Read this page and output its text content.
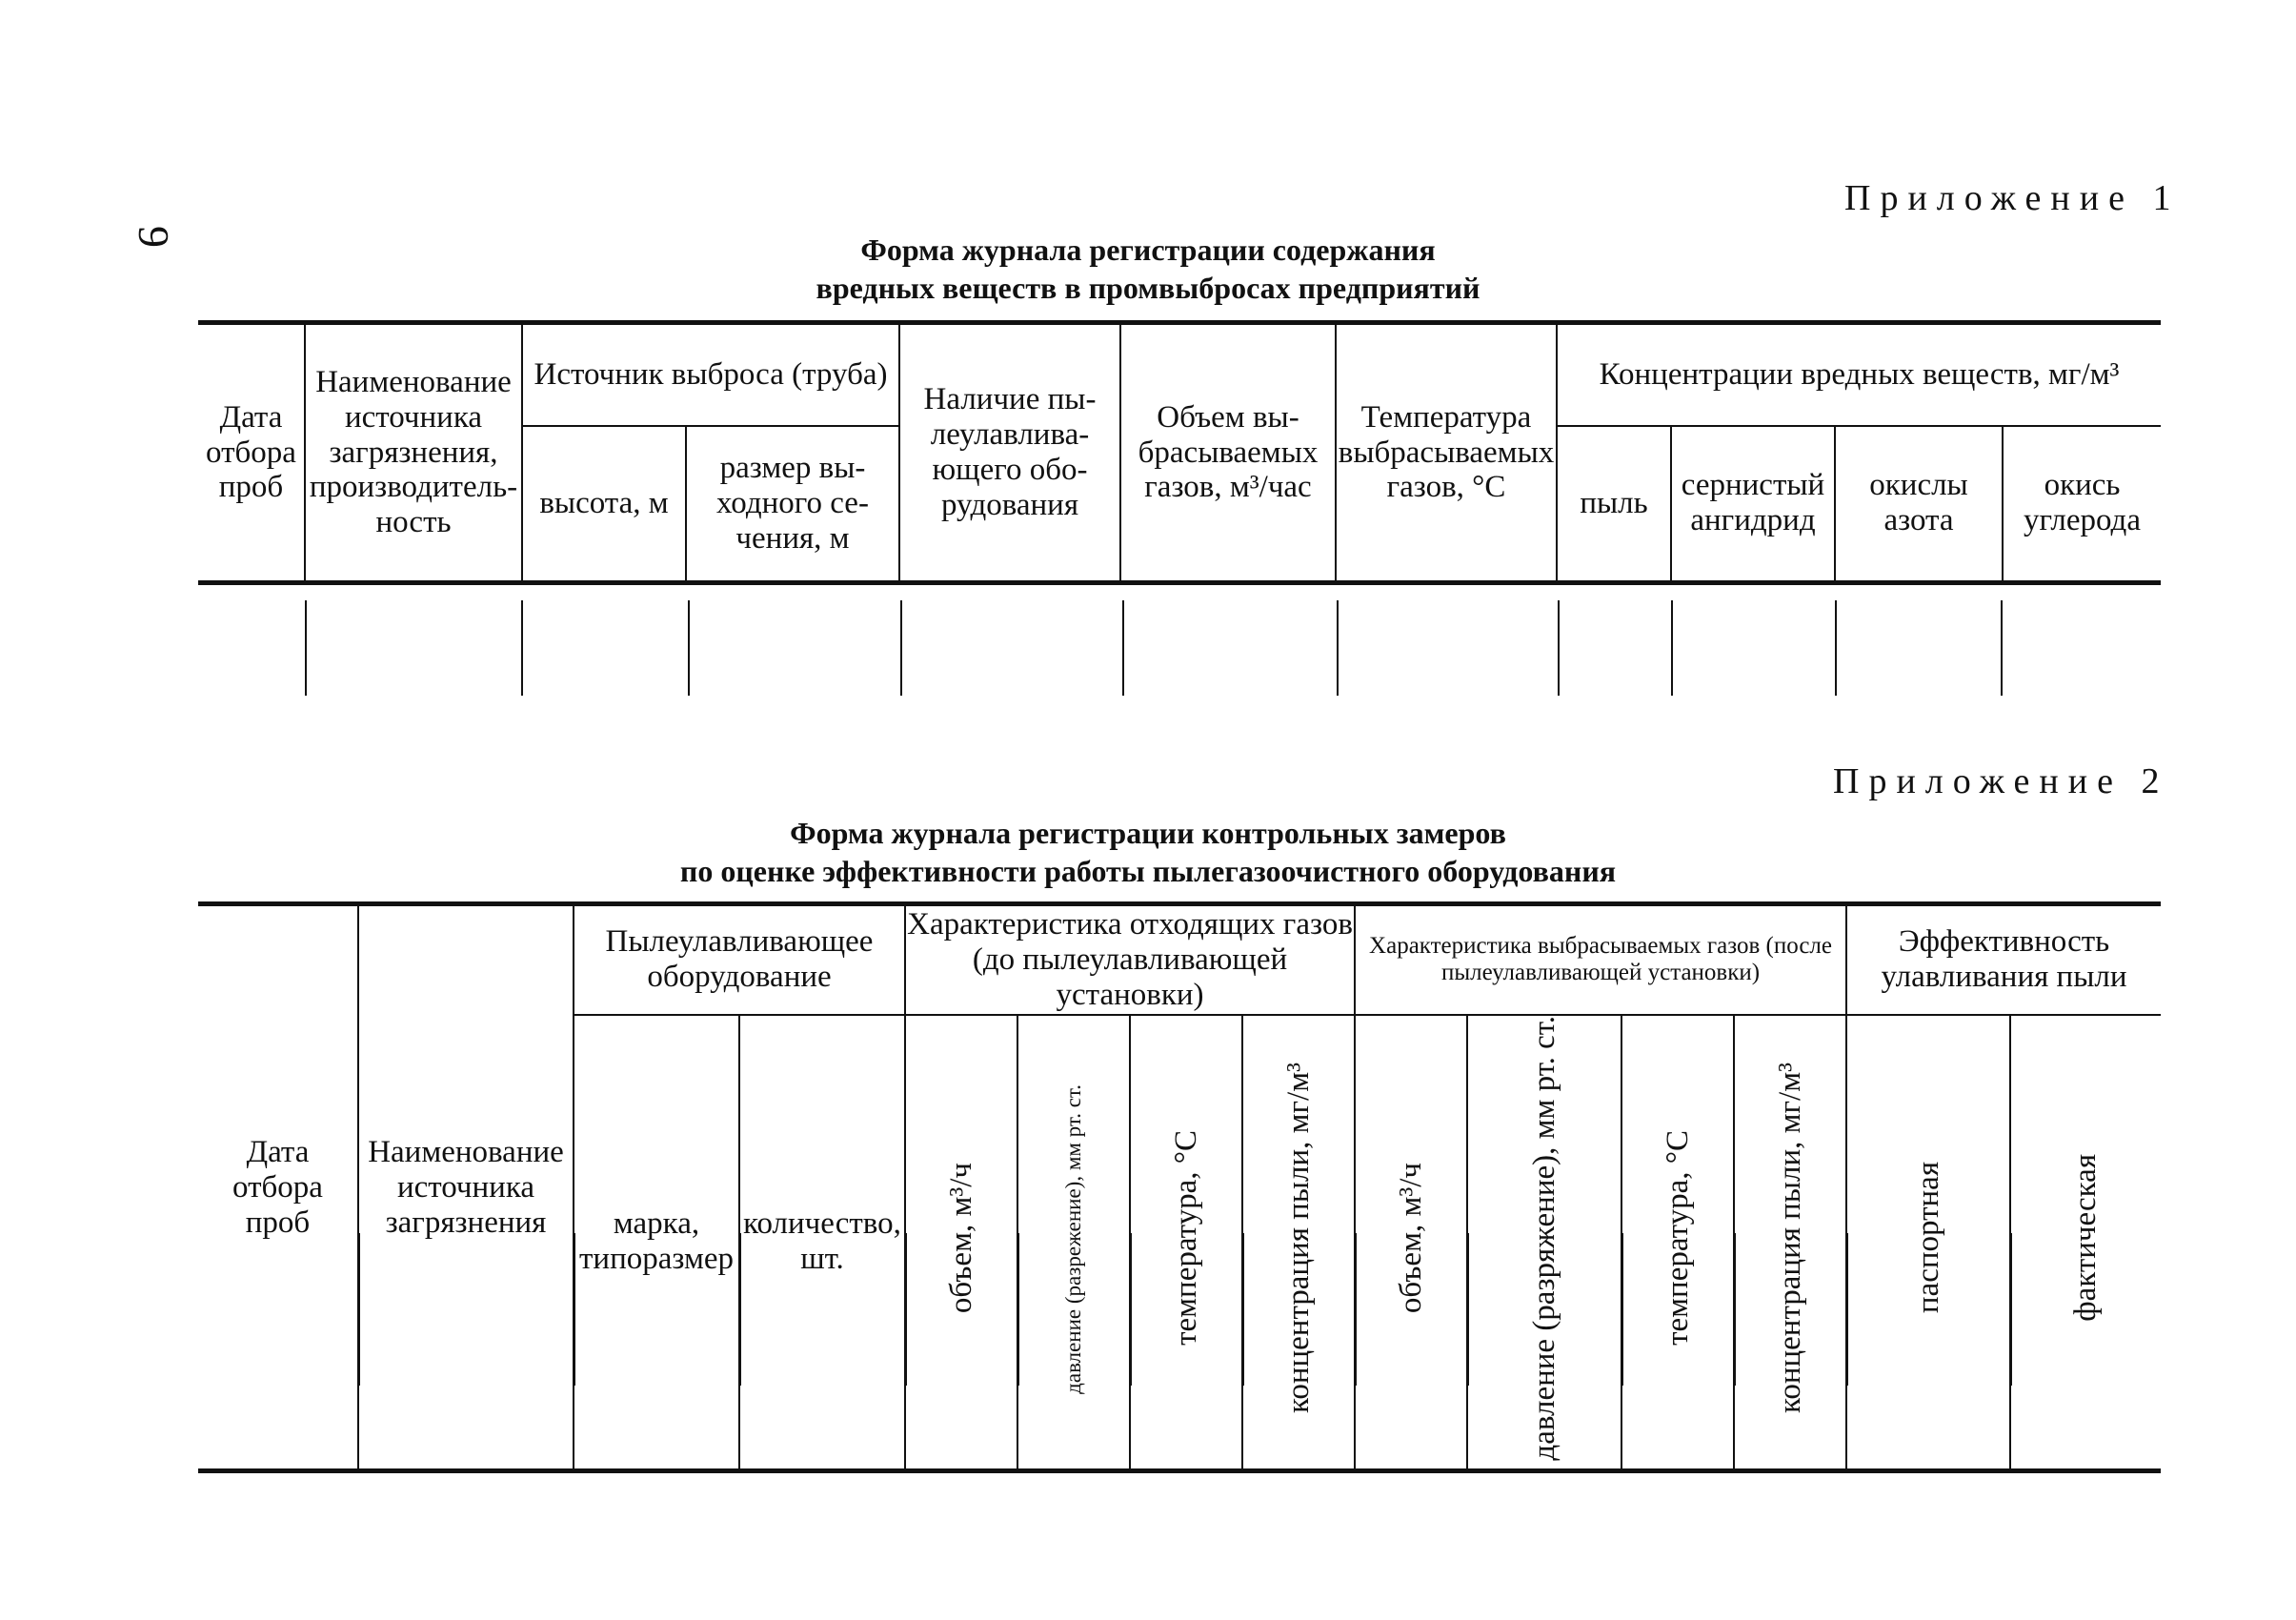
9
Приложение 1
Форма журнала регистрации содержания
вредных веществ в промвыбросах предприятий
Дата отбора проб	Наименование источника загрязнения, производительность	Источник выброса (труба)		Наличие пылеулавливающего оборудования	Объем выбрасываемых газов, м³/час	Температура выбрасываемых газов, °С	Концентрации вредных веществ, мг/м³			
		высота, м	размер выходного сечения, м				пыль	сернистый ангидрид	окислы азота	окись углерода
Приложение 2
Форма журнала регистрации контрольных замеров
по оценке эффективности работы пылегазоочистного оборудования
Дата отбора проб	Наименование источника загрязнения	Пылеулавливающее оборудование		Характеристика отходящих газов (до пылеулавливающей установки)				Характеристика выбрасываемых газов (после пылеулавливающей установки)				Эффективность улавливания пыли	
		марка, типоразмер	количество, шт.	объем, м³/ч	давление (разрежение), мм рт. ст.	температура, °С	концентрация пыли, мг/м³	объем, м³/ч	давление (разряжение), мм рт. ст.	температура, °С	концентрация пыли, мг/м³	паспортная	фактическая
